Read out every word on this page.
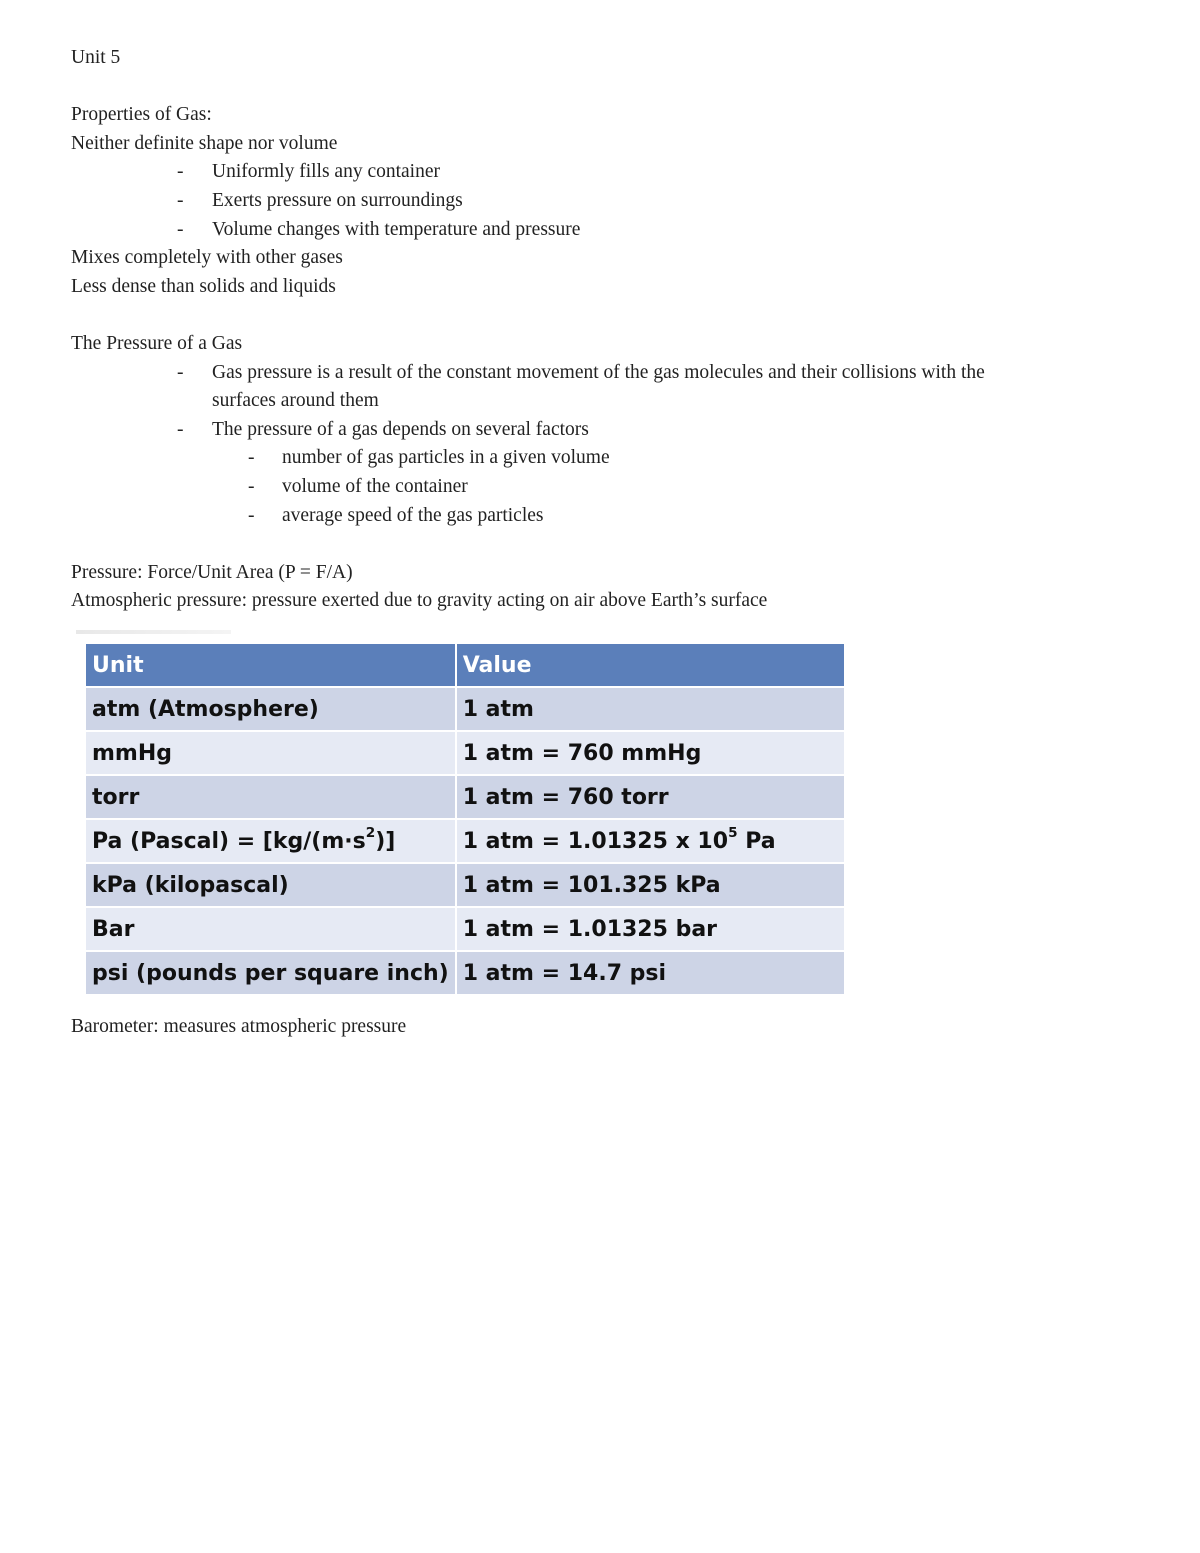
Unit 5
Properties of Gas:
Neither definite shape nor volume
- Uniformly fills any container
- Exerts pressure on surroundings
- Volume changes with temperature and pressure
Mixes completely with other gases
Less dense than solids and liquids
The Pressure of a Gas
- Gas pressure is a result of the constant movement of the gas molecules and their collisions with the surfaces around them
- The pressure of a gas depends on several factors
- number of gas particles in a given volume
- volume of the container
- average speed of the gas particles
Pressure: Force/Unit Area (P = F/A)
Atmospheric pressure: pressure exerted due to gravity acting on air above Earth’s surface
Unit	Value
atm (Atmosphere)	1 atm
mmHg	1 atm = 760 mmHg
torr	1 atm = 760 torr
Pa (Pascal) = $[kg/(m\cdot s^2)]$	1 atm = 1.01325 x $10^5$ Pa
kPa (kilopascal)	1 atm = 101.325 kPa
Bar	1 atm = 1.01325 bar
psi (pounds per square inch)	1 atm = 14.7 psi
Barometer: measures atmospheric pressure
